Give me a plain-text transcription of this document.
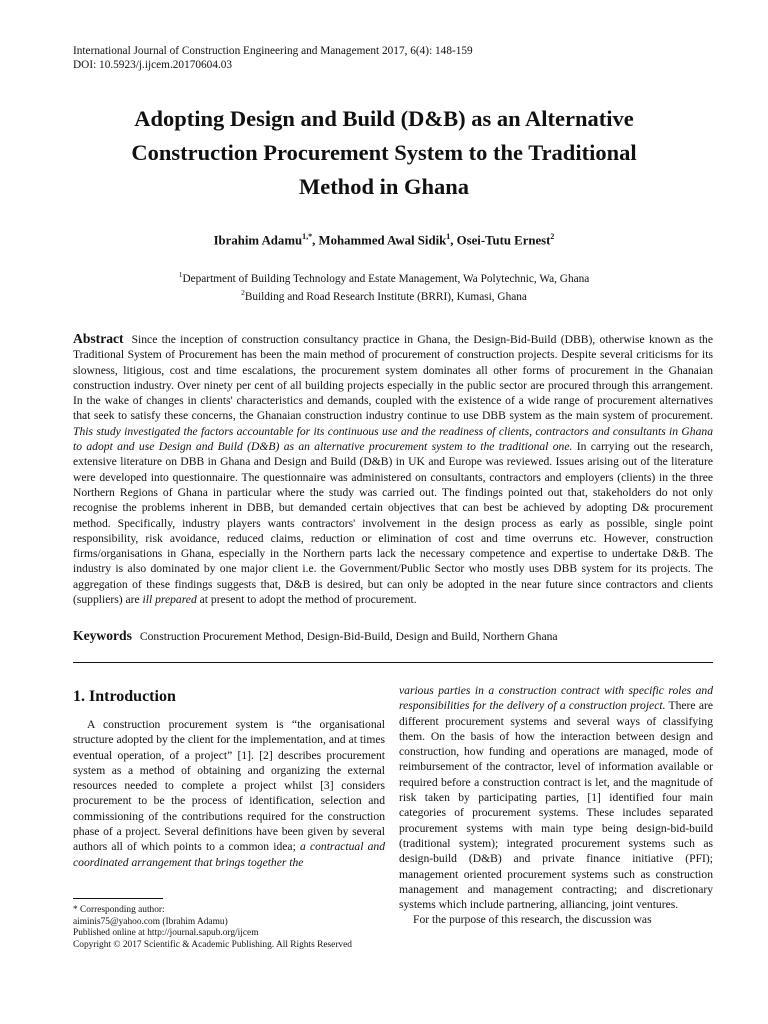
International Journal of Construction Engineering and Management 2017, 6(4): 148-159
DOI: 10.5923/j.ijcem.20170604.03
Adopting Design and Build (D&B) as an Alternative
Construction Procurement System to the Traditional
Method in Ghana
Ibrahim Adamu$^{1,*}$, Mohammed Awal Sidik$^1$, Osei-Tutu Ernest$^2$
$^1$Department of Building Technology and Estate Management, Wa Polytechnic, Wa, Ghana
$^2$Building and Road Research Institute (BRRI), Kumasi, Ghana
Abstract Since the inception of construction consultancy practice in Ghana, the Design-Bid-Build (DBB), otherwise known as the Traditional System of Procurement has been the main method of procurement of construction projects. Despite several criticisms for its slowness, litigious, cost and time escalations, the procurement system dominates all other forms of procurement in the Ghanaian construction industry. Over ninety per cent of all building projects especially in the public sector are procured through this arrangement. In the wake of changes in clients' characteristics and demands, coupled with the existence of a wide range of procurement alternatives that seek to satisfy these concerns, the Ghanaian construction industry continue to use DBB system as the main system of procurement. This study investigated the factors accountable for its continuous use and the readiness of clients, contractors and consultants in Ghana to adopt and use Design and Build (D&B) as an alternative procurement system to the traditional one. In carrying out the research, extensive literature on DBB in Ghana and Design and Build (D&B) in UK and Europe was reviewed. Issues arising out of the literature were developed into questionnaire. The questionnaire was administered on consultants, contractors and employers (clients) in the three Northern Regions of Ghana in particular where the study was carried out. The findings pointed out that, stakeholders do not only recognise the problems inherent in DBB, but demanded certain objectives that can best be achieved by adopting D& procurement method. Specifically, industry players wants contractors' involvement in the design process as early as possible, single point responsibility, risk avoidance, reduced claims, reduction or elimination of cost and time overruns etc. However, construction firms/organisations in Ghana, especially in the Northern parts lack the necessary competence and expertise to undertake D&B. The industry is also dominated by one major client i.e. the Government/Public Sector who mostly uses DBB system for its projects. The aggregation of these findings suggests that, D&B is desired, but can only be adopted in the near future since contractors and clients (suppliers) are ill prepared at present to adopt the method of procurement.
Keywords Construction Procurement Method, Design-Bid-Build, Design and Build, Northern Ghana
1. Introduction

A construction procurement system is “the organisational structure adopted by the client for the implementation, and at times eventual operation, of a project” [1]. [2] describes procurement system as a method of obtaining and organizing the external resources needed to complete a project whilst [3] considers procurement to be the process of identification, selection and commissioning of the contributions required for the construction phase of a project. Several definitions have been given by several authors all of which points to a common idea; a contractual and coordinated arrangement that brings together the

various parties in a construction contract with specific roles and responsibilities for the delivery of a construction project. There are different procurement systems and several ways of classifying them. On the basis of how the interaction between design and construction, how funding and operations are managed, mode of reimbursement of the contractor, level of information available or required before a construction contract is let, and the magnitude of risk taken by participating parties, [1] identified four main categories of procurement systems. These includes separated procurement systems with main type being design-bid-build (traditional system); integrated procurement systems such as design-build (D&B) and private finance initiative (PFI); management oriented procurement systems such as construction management and management contracting; and discretionary systems which include partnering, alliancing, joint ventures.

For the purpose of this research, the discussion was

* Corresponding author:
aiminis75@yahoo.com (Ibrahim Adamu)
Published online at http://journal.sapub.org/ijcem
Copyright © 2017 Scientific & Academic Publishing. All Rights Reserved
